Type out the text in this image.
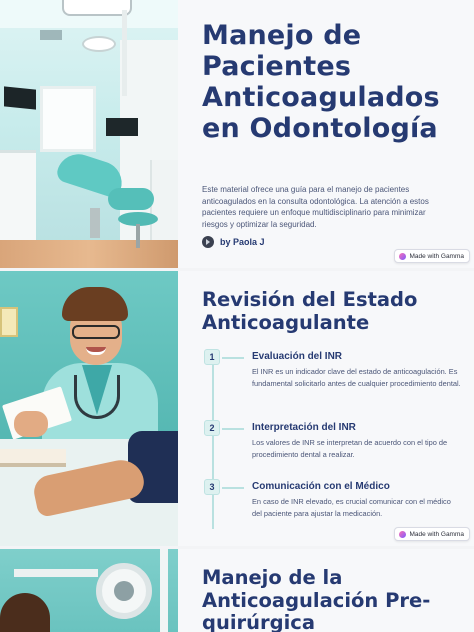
Manejo de Pacientes Anticoagulados en Odontología

Este material ofrece una guía para el manejo de pacientes anticoagulados en la consulta odontológica. La atención a estos pacientes requiere un enfoque multidisciplinario para minimizar riesgos y optimizar la seguridad.

by Paola J
Made with Gamma
Revisión del Estado Anticoagulante
1	Evaluación del INR
El INR es un indicador clave del estado de anticoagulación. Es fundamental solicitarlo antes de cualquier procedimiento dental.
2	Interpretación del INR
Los valores de INR se interpretan de acuerdo con el tipo de procedimiento dental a realizar.
3	Comunicación con el Médico
En caso de INR elevado, es crucial comunicar con el médico del paciente para ajustar la medicación.
Made with Gamma
Manejo de la Anticoagulación Pre-quirúrgica
